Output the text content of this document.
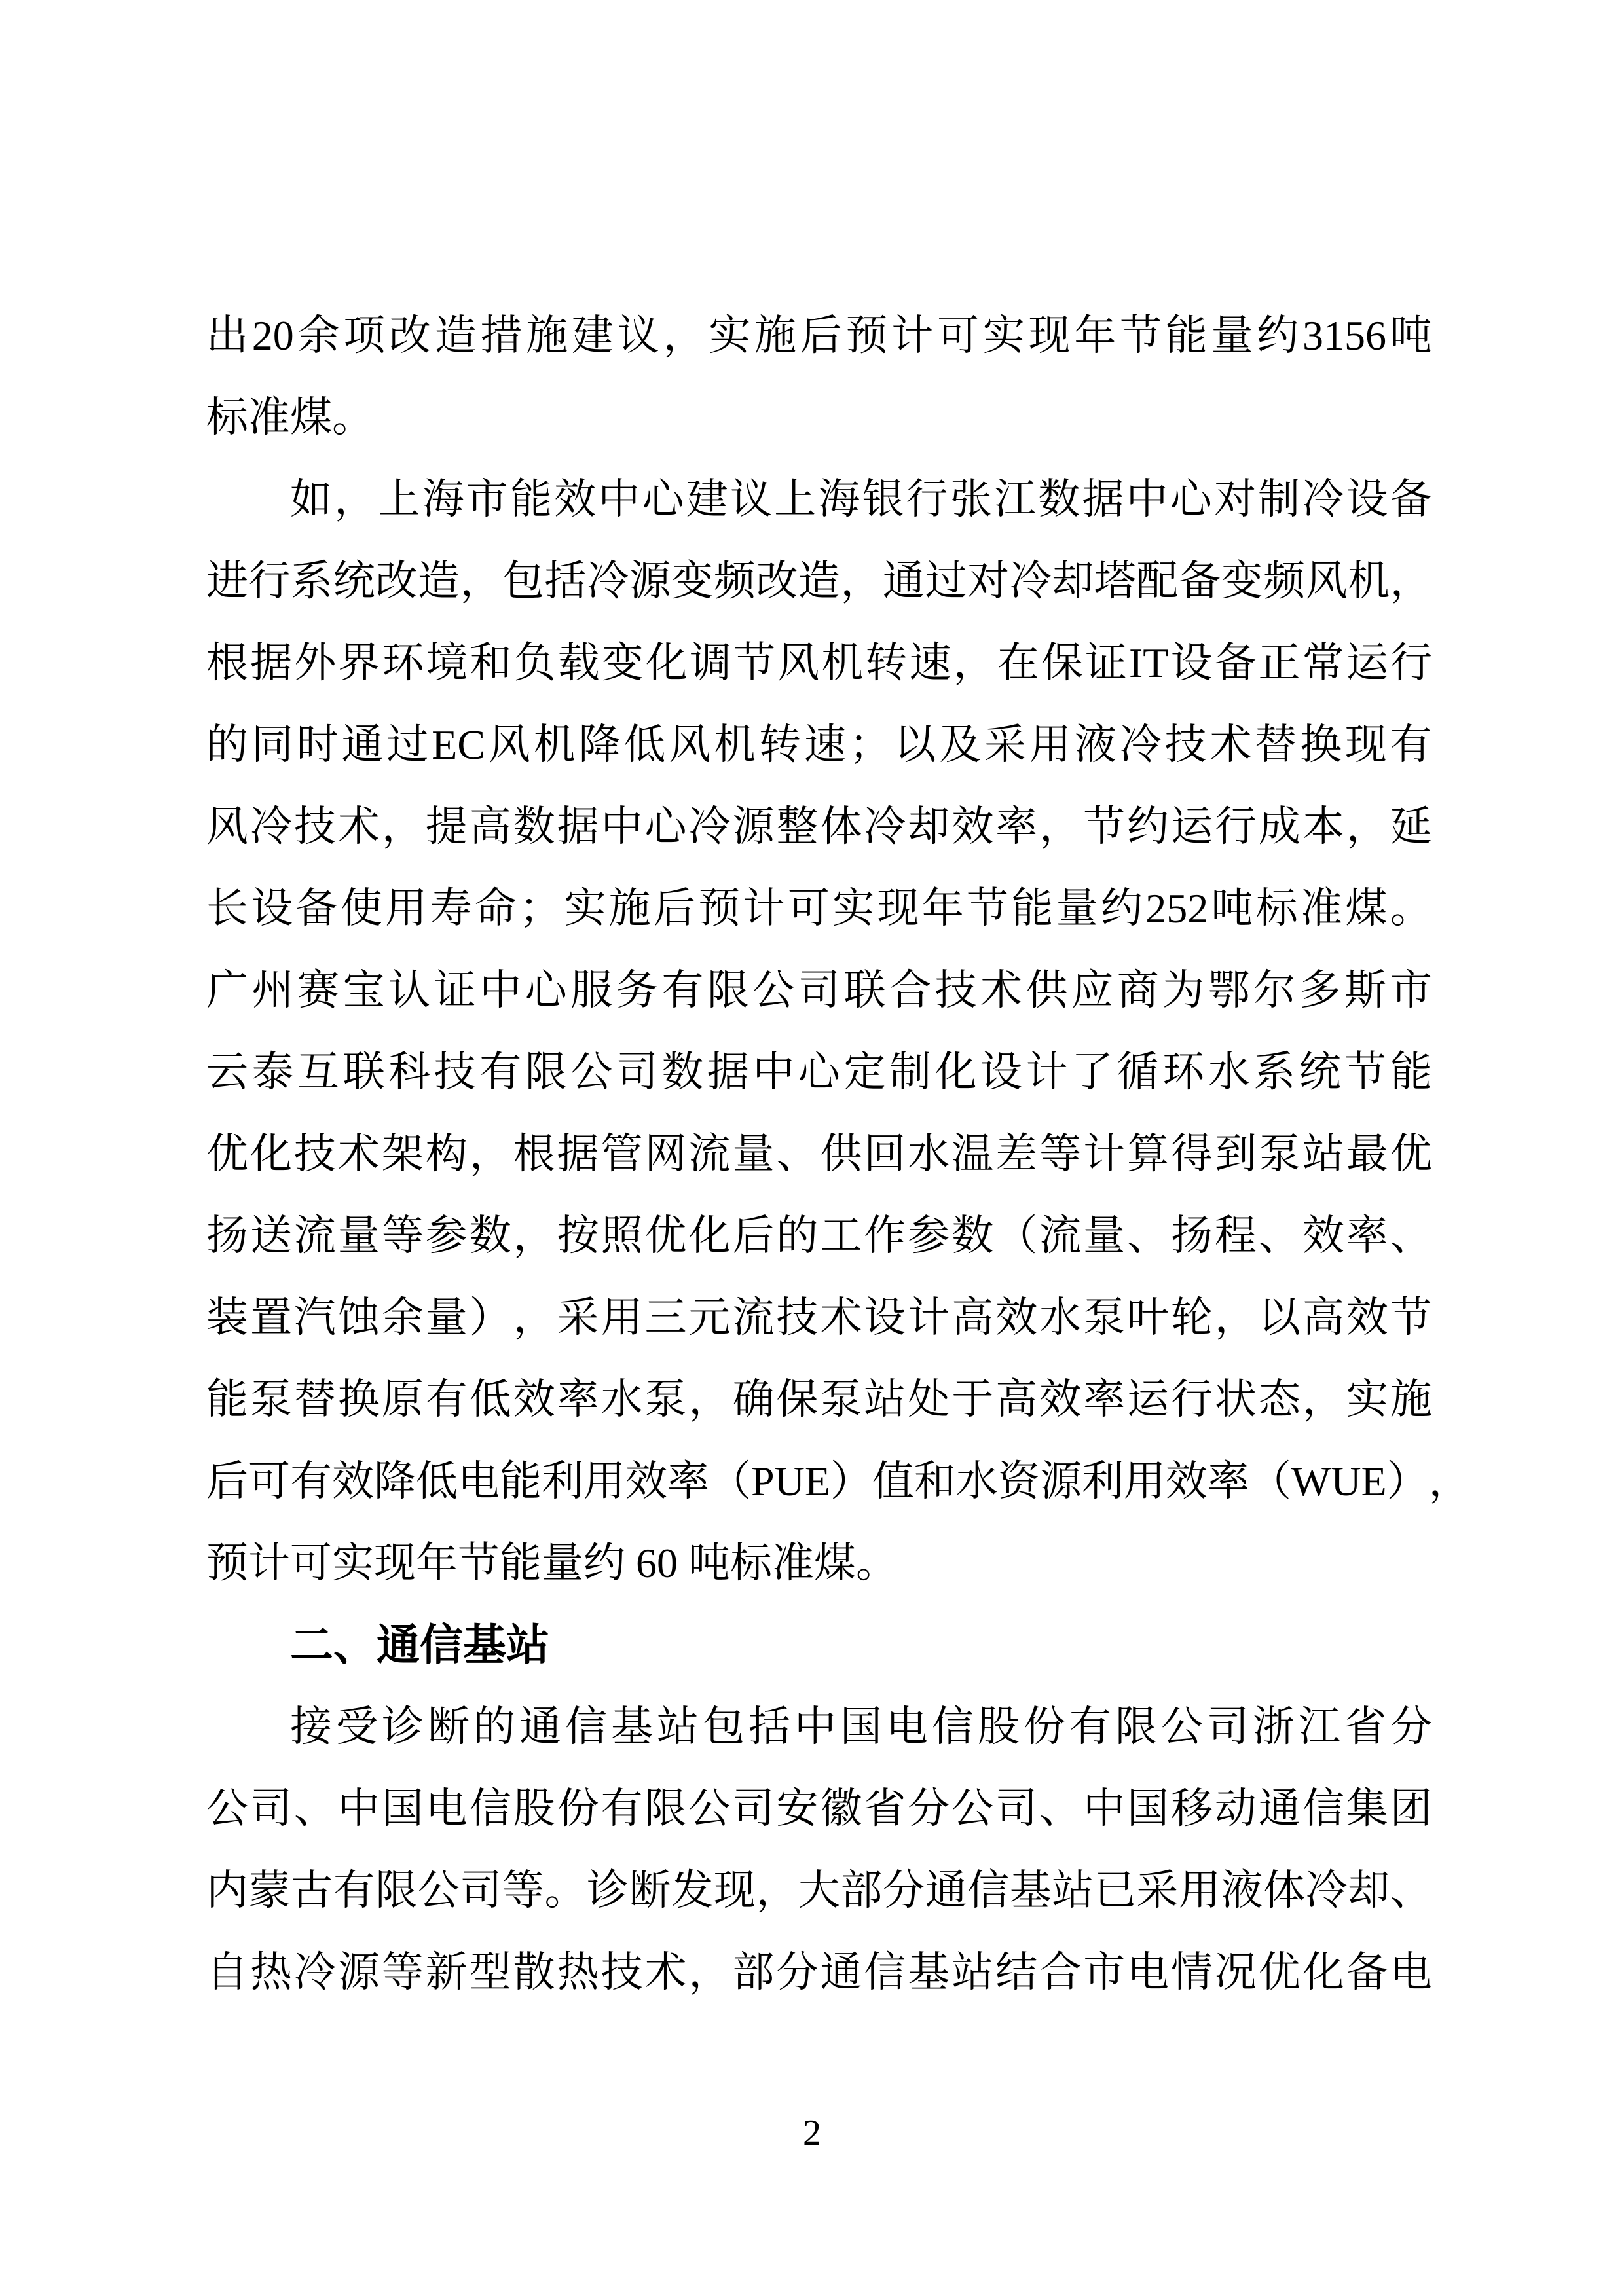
出 20 余 项 改 造 措 施 建 议 ， 实 施 后 预 计 可 实 现 年 节 能 量 约 3156 吨
标准煤。
如 ， 上 海 市 能 效 中 心 建 议 上 海 银 行 张 江 数 据 中 心 对 制 冷 设 备
进 行 系 统 改 造 ， 包 括 冷 源 变 频 改 造 ， 通 过 对 冷 却 塔 配 备 变 频 风 机 ，
根 据 外 界 环 境 和 负 载 变 化 调 节 风 机 转 速 ， 在 保 证 IT 设 备 正 常 运 行
的 同 时 通 过 EC 风 机 降 低 风 机 转 速 ； 以 及 采 用 液 冷 技 术 替 换 现 有
风 冷 技 术 ， 提 高 数 据 中 心 冷 源 整 体 冷 却 效 率 ， 节 约 运 行 成 本 ， 延
长 设 备 使 用 寿 命 ； 实 施 后 预 计 可 实 现 年 节 能 量 约 252 吨 标 准 煤 。
广 州 赛 宝 认 证 中 心 服 务 有 限 公 司 联 合 技 术 供 应 商 为 鄂 尔 多 斯 市
云 泰 互 联 科 技 有 限 公 司 数 据 中 心 定 制 化 设 计 了 循 环 水 系 统 节 能
优 化 技 术 架 构 ， 根 据 管 网 流 量 、 供 回 水 温 差 等 计 算 得 到 泵 站 最 优
扬 送 流 量 等 参 数 ， 按 照 优 化 后 的 工 作 参 数 （ 流 量 、 扬 程 、 效 率 、
装 置 汽 蚀 余 量 ） ， 采 用 三 元 流 技 术 设 计 高 效 水 泵 叶 轮 ， 以 高 效 节
能 泵 替 换 原 有 低 效 率 水 泵 ， 确 保 泵 站 处 于 高 效 率 运 行 状 态 ， 实 施
后 可 有 效 降 低 电 能 利 用 效 率 （ PUE ） 值 和 水 资 源 利 用 效 率 （ WUE ） ，
预计可实现年节能量约 60 吨标准煤。
二、通信基站
接 受 诊 断 的 通 信 基 站 包 括 中 国 电 信 股 份 有 限 公 司 浙 江 省 分
公 司 、 中 国 电 信 股 份 有 限 公 司 安 徽 省 分 公 司 、 中 国 移 动 通 信 集 团
内 蒙 古 有 限 公 司 等 。 诊 断 发 现 ， 大 部 分 通 信 基 站 已 采 用 液 体 冷 却 、
自 热 冷 源 等 新 型 散 热 技 术 ， 部 分 通 信 基 站 结 合 市 电 情 况 优 化 备 电
2
